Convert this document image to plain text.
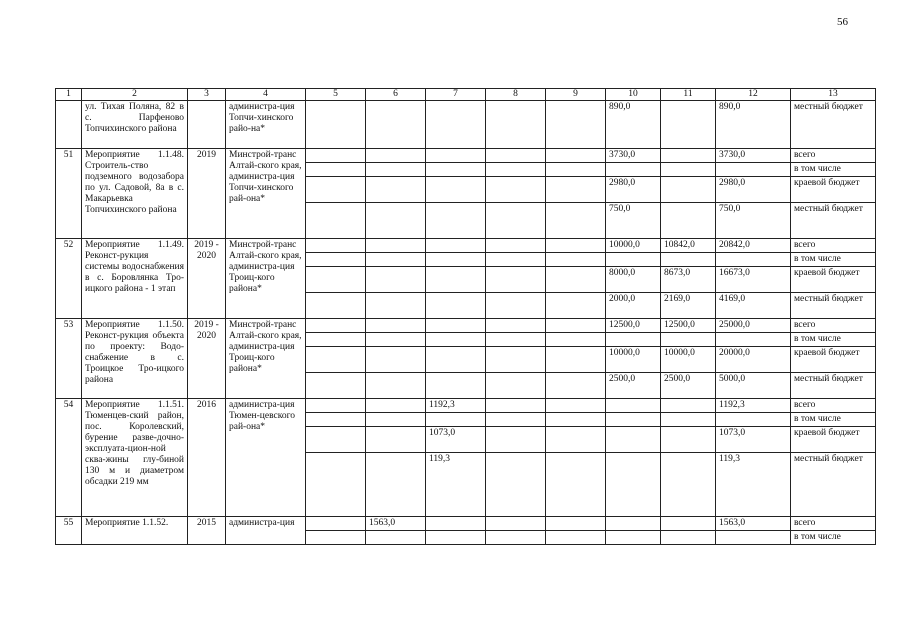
56
1	2	3	4	5	6	7	8	9	10	11	12	13
	ул. Тихая Поляна, 82 в с. Парфеново Топчихинского района		администра-ция Топчи-хинского райо-на*						890,0		890,0	местный бюджет
51	Мероприятие 1.1.48. Строитель-ство подземного водозабора по ул. Садовой, 8а в с. Макарьевка Топчихинского района	2019	Минстрой-транс Алтай-ского края, администра-ция Топчи-хинского рай-она*						3730,0		3730,0	всего
												в том числе
									2980,0		2980,0	краевой бюджет
									750,0		750,0	местный бюджет
52	Мероприятие 1.1.49. Реконст-рукция системы водоснабжения в с. Боровлянка Тро-ицкого района - 1 этап	2019 - 2020	Минстрой-транс Алтай-ского края, администра-ция Троиц-кого района*						10000,0	10842,0	20842,0	всего
												в том числе
									8000,0	8673,0	16673,0	краевой бюджет
									2000,0	2169,0	4169,0	местный бюджет
53	Мероприятие 1.1.50. Реконст-рукция объекта по проекту: Водо-снабжение в с. Троицкое Тро-ицкого района	2019 - 2020	Минстрой-транс Алтай-ского края, администра-ция Троиц-кого района*						12500,0	12500,0	25000,0	всего
												в том числе
									10000,0	10000,0	20000,0	краевой бюджет
									2500,0	2500,0	5000,0	местный бюджет
54	Мероприятие 1.1.51. Тюменцев-ский район, пос. Королевский, бурение разве-дочно-эксплуата-цион-ной сква-жины глу-биной 130 м и диаметром обсадки 219 мм	2016	администра-ция Тюмен-цевского рай-она*			1192,3					1192,3	всего
												в том числе
						1073,0					1073,0	краевой бюджет
						119,3					119,3	местный бюджет
55	Мероприятие 1.1.52.	2015	администра-ция		1563,0						1563,0	всего
												в том числе
